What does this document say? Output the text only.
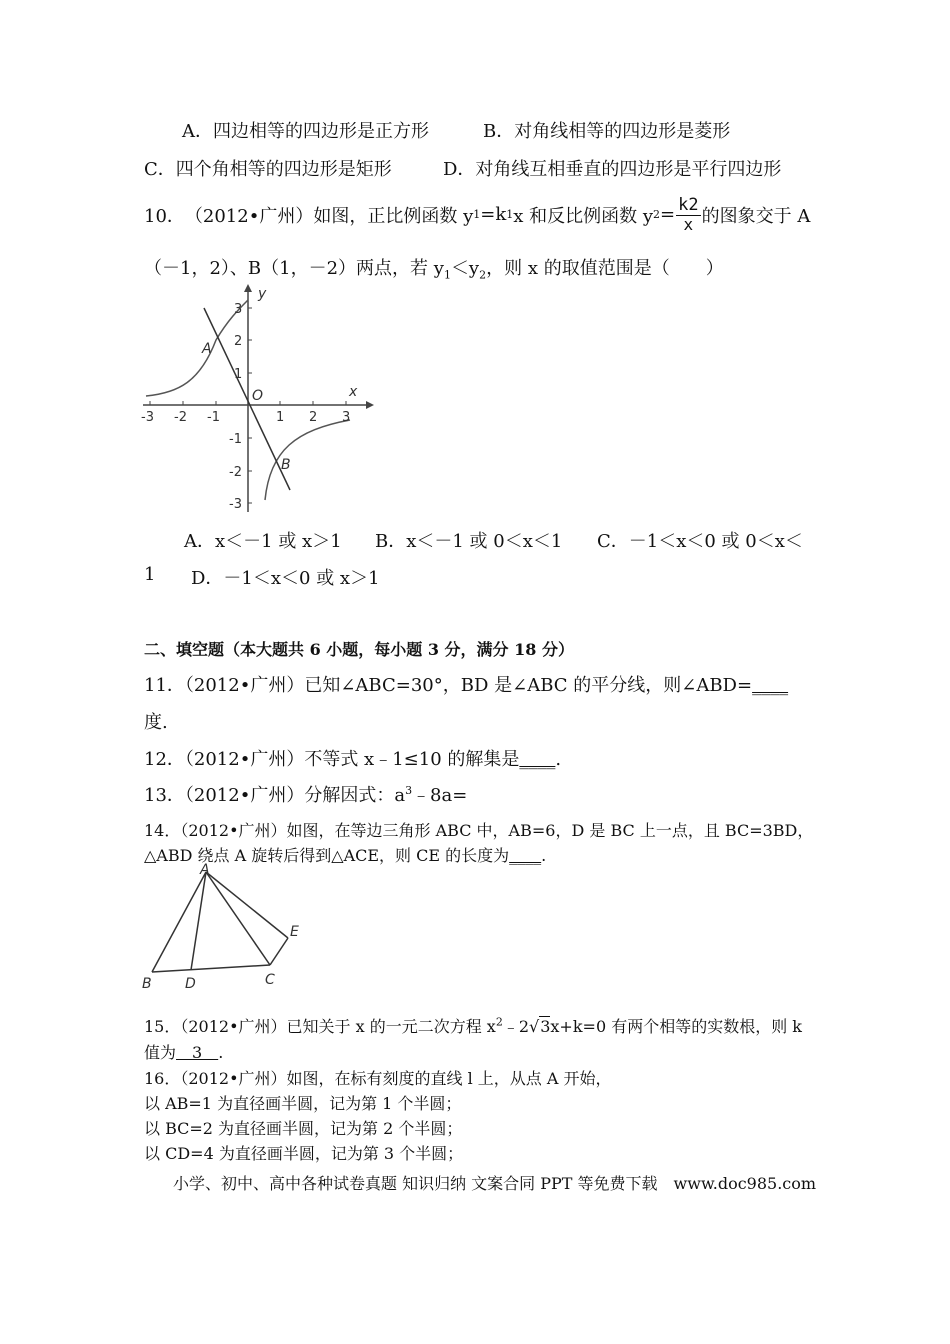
A．四边相等的四边形是正方形	B．对角线相等的四边形是菱形
C．四个角相等的四边形是矩形	D．对角线互相垂直的四边形是平行四边形
10． （2012•广州） 如图，正比例函数 y 1 =k 1 x 和反比例函数 y $2 = \frac{k2}{x}$ 的图象交于 A
（－1，2）、B（1，－2）两点，若 $y_1<y_2$，则 x 的取值范围是（　　）
y
x
O
A
B
-3 -2 -1	1 2 3
3
2
1
-1
-2
-3
A．x＜－1 或 x＞1 B．x＜－1 或 0＜x＜1 C．－1＜x＜0 或 0＜x＜
1 D．－1＜x＜0 或 x＞1
二、填空题（本大题共 6 小题，每小题 3 分，满分 18 分）
11．（2012•广州）已知∠ABC=30°，BD 是∠ABC 的平分线，则∠ABD=____
度.
12．（2012•广州）不等式 x﹣1≤10 的解集是____.
13．（2012•广州）分解因式：$a^3﹣8a=$
14．（2012•广州）如图，在等边三角形 ABC 中，AB=6，D 是 BC 上一点，且 BC=3BD，
△ABD 绕点 A 旋转后得到△ACE，则 CE 的长度为____.
A
B D	C
E
15．（2012•广州）已知关于 x 的一元二次方程 $x^2﹣2√3x+k=0$ 有两个相等的实数根，则 k
值为　3　.
16．（2012•广州）如图，在标有刻度的直线 l 上，从点 A 开始，
以 AB=1 为直径画半圆，记为第 1 个半圆；
以 BC=2 为直径画半圆，记为第 2 个半圆；
以 CD=4 为直径画半圆，记为第 3 个半圆；
小学、初中、高中各种试卷真题 知识归纳 文案合同 PPT 等免费下载　www.doc985.com
